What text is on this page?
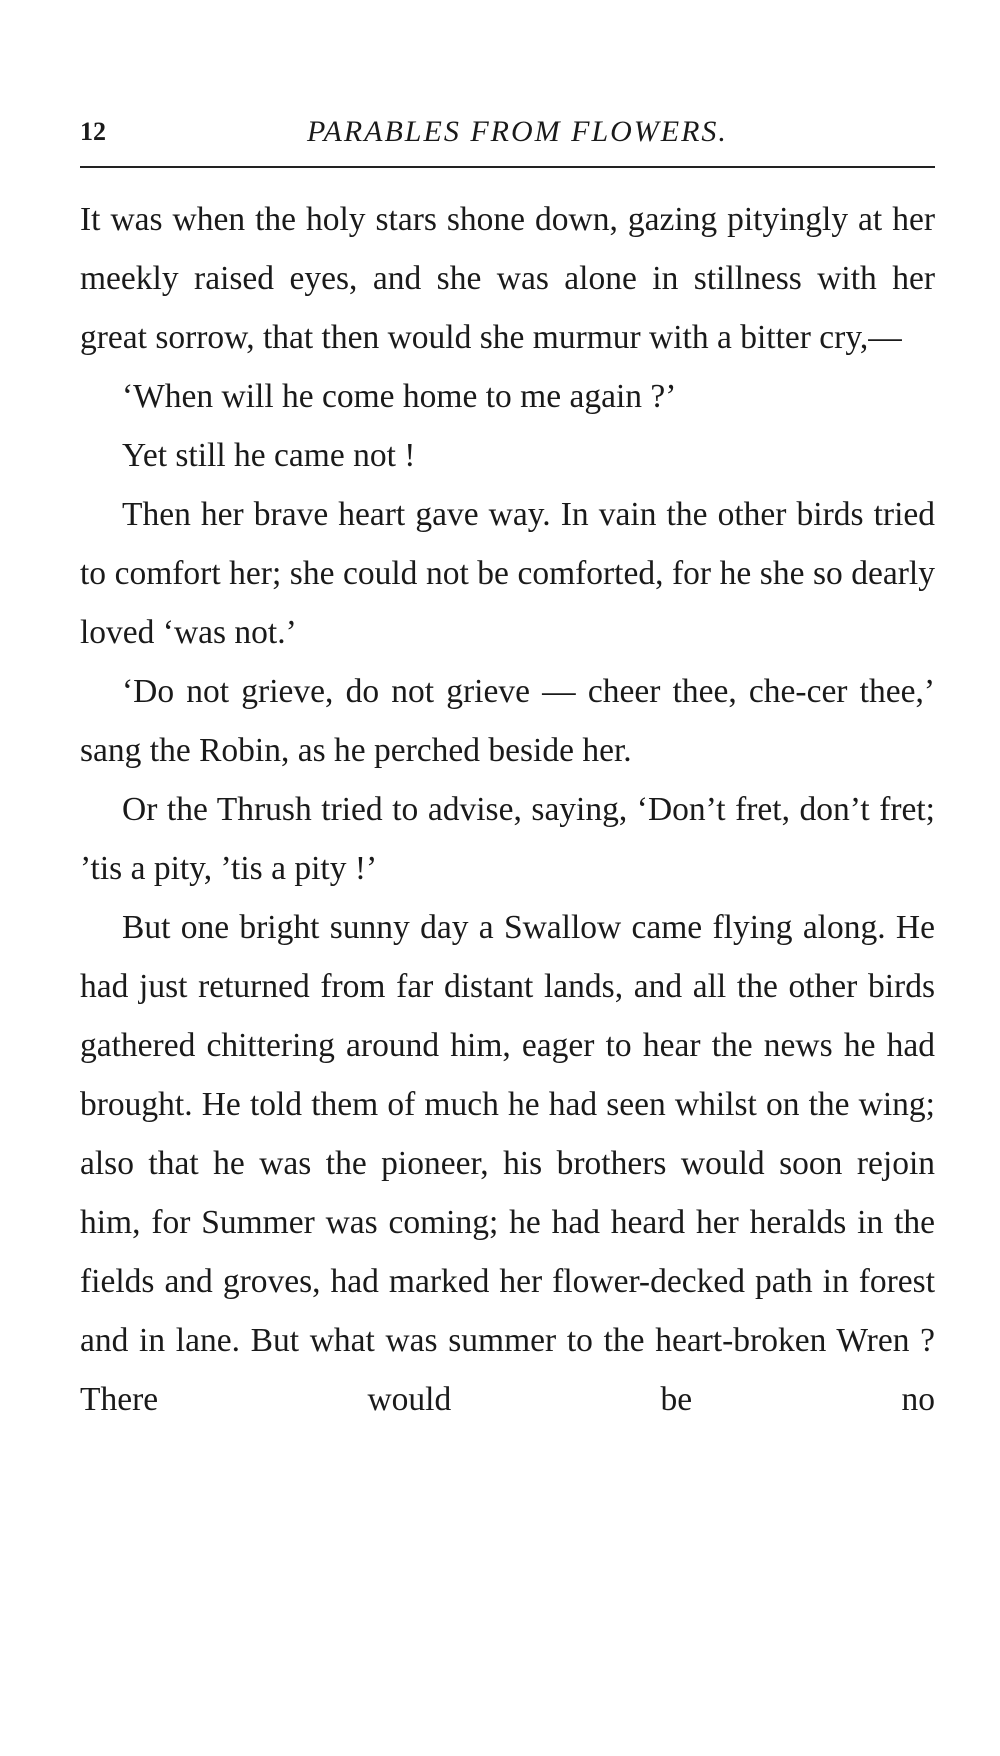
12	PARABLES FROM FLOWERS.

It was when the holy stars shone down, gazing pityingly at her meekly raised eyes, and she was alone in stillness with her great sorrow, that then would she murmur with a bitter cry,—

‘When will he come home to me again ?’

Yet still he came not !

Then her brave heart gave way. In vain the other birds tried to comfort her; she could not be comforted, for he she so dearly loved ‘was not.’

‘Do not grieve, do not grieve — cheer thee, che-cer thee,’ sang the Robin, as he perched beside her.

Or the Thrush tried to advise, saying, ‘Don’t fret, don’t fret; ’tis a pity, ’tis a pity !’

But one bright sunny day a Swallow came flying along. He had just returned from far distant lands, and all the other birds gathered chittering around him, eager to hear the news he had brought. He told them of much he had seen whilst on the wing; also that he was the pioneer, his brothers would soon rejoin him, for Summer was coming; he had heard her heralds in the fields and groves, had marked her flower-decked path in forest and in lane. But what was summer to the heart-broken Wren ? There would be no
